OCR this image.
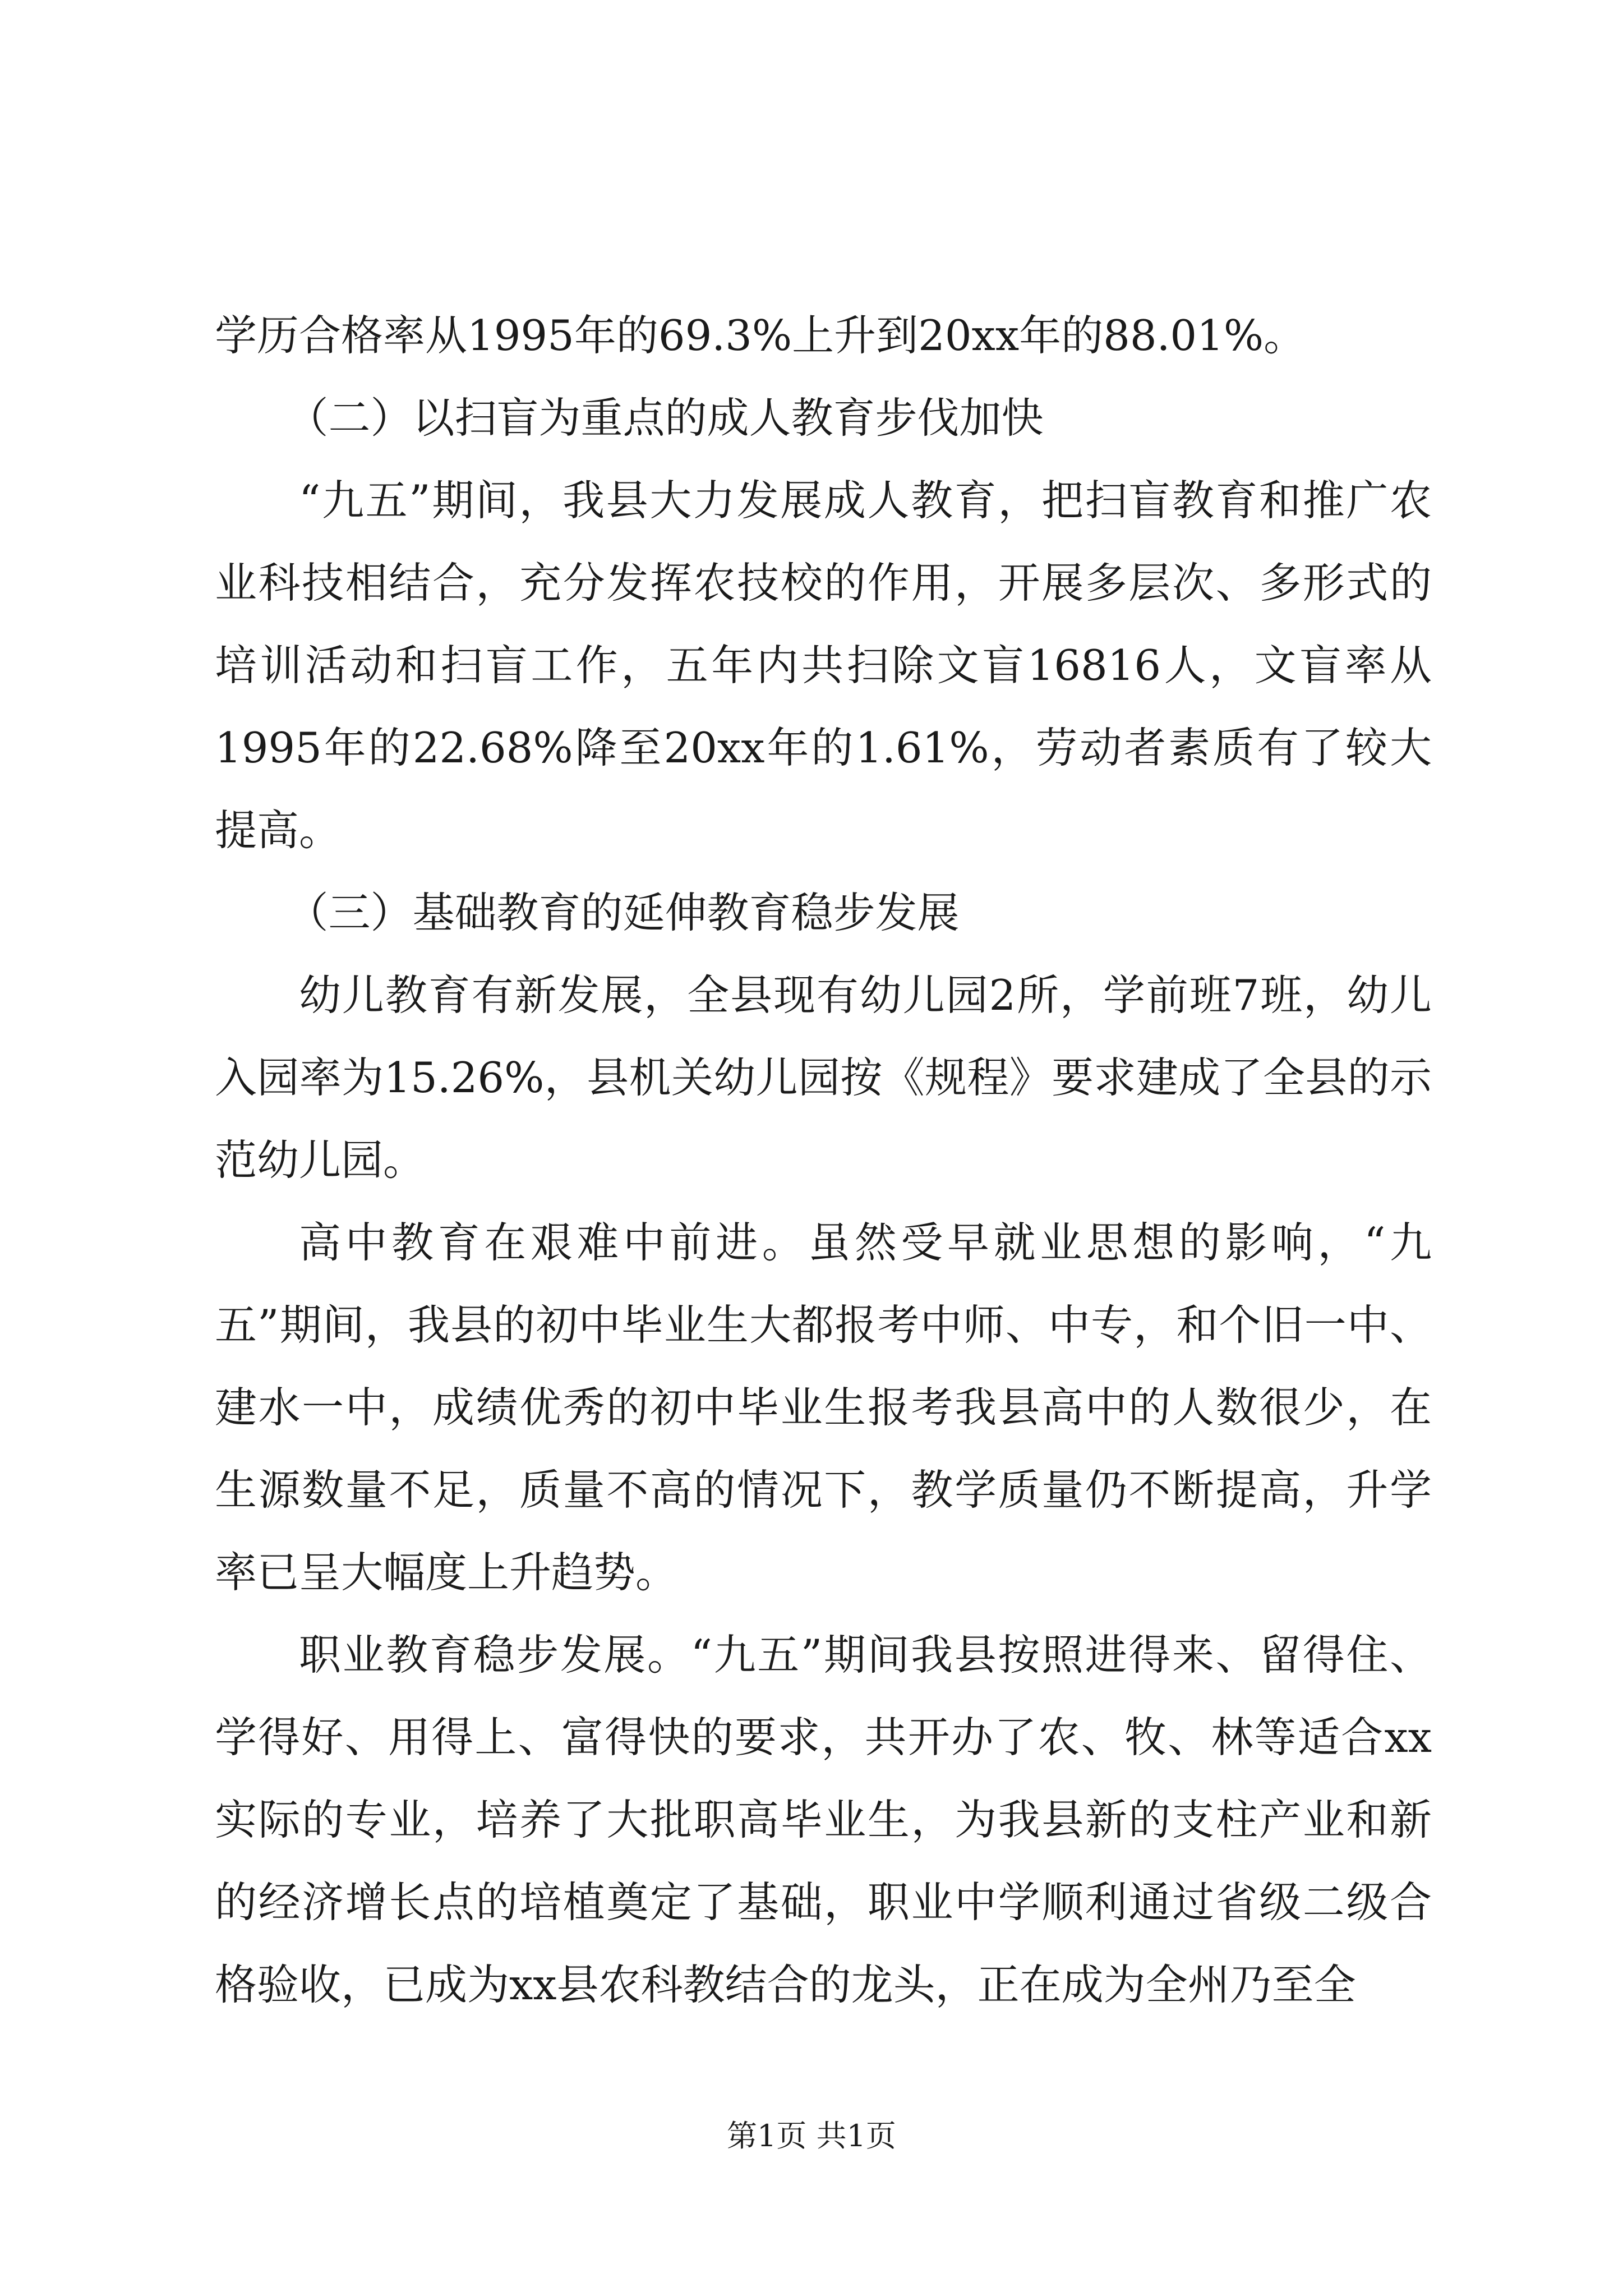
学历合格率从1995年的69.3%上升到20xx年的88.01%。

（二）以扫盲为重点的成人教育步伐加快

“九五”期间，我县大力发展成人教育，把扫盲教育和推广农业科技相结合，充分发挥农技校的作用，开展多层次、多形式的培训活动和扫盲工作，五年内共扫除文盲16816人，文盲率从1995年的22.68%降至20xx年的1.61%，劳动者素质有了较大提高。

（三）基础教育的延伸教育稳步发展

幼儿教育有新发展，全县现有幼儿园2所，学前班7班，幼儿入园率为15.26%，县机关幼儿园按《规程》要求建成了全县的示范幼儿园。

高中教育在艰难中前进。虽然受早就业思想的影响，“九五”期间，我县的初中毕业生大都报考中师、中专，和个旧一中、建水一中，成绩优秀的初中毕业生报考我县高中的人数很少，在生源数量不足，质量不高的情况下，教学质量仍不断提高，升学率已呈大幅度上升趋势。

职业教育稳步发展。“九五”期间我县按照进得来、留得住、学得好、用得上、富得快的要求，共开办了农、牧、林等适合xx实际的专业，培养了大批职高毕业生，为我县新的支柱产业和新的经济增长点的培植奠定了基础，职业中学顺利通过省级二级合格验收，已成为xx县农科教结合的龙头，正在成为全州乃至全

第1页 共1页
